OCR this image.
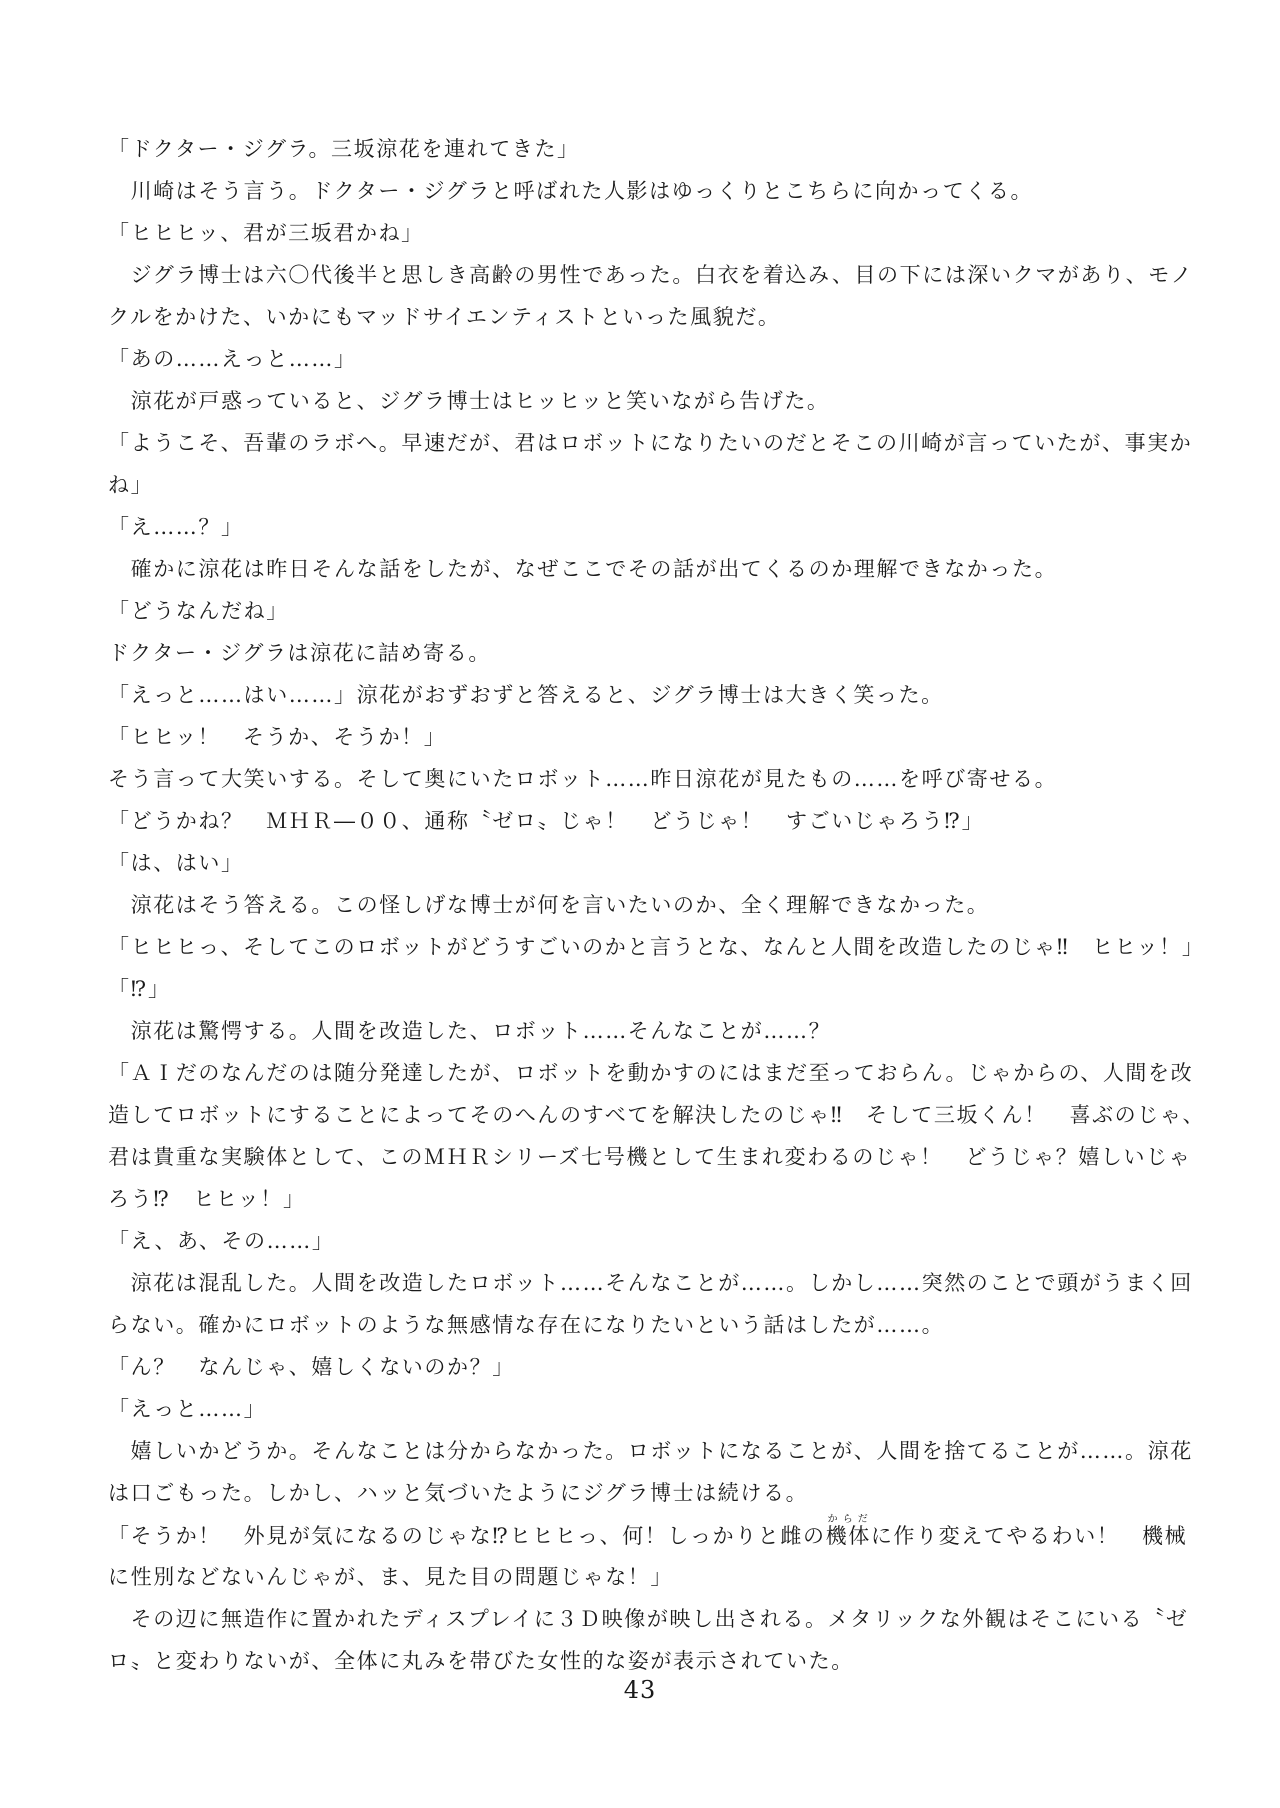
「ドクター・ジグラ。三坂涼花を連れてきた」
　川崎はそう言う。ドクター・ジグラと呼ばれた人影はゆっくりとこちらに向かってくる。
「ヒヒヒッ、君が三坂君かね」
　ジグラ博士は六〇代後半と思しき高齢の男性であった。白衣を着込み、目の下には深いクマがあり、モノ
クルをかけた、いかにもマッドサイエンティストといった風貌だ。
「あの……えっと……」
　涼花が戸惑っていると、ジグラ博士はヒッヒッと笑いながら告げた。
「ようこそ、吾輩のラボへ。早速だが、君はロボットになりたいのだとそこの川崎が言っていたが、事実か
ね」
「え……？」
　確かに涼花は昨日そんな話をしたが、なぜここでその話が出てくるのか理解できなかった。
「どうなんだね」
ドクター・ジグラは涼花に詰め寄る。
「えっと……はい……」涼花がおずおずと答えると、ジグラ博士は大きく笑った。
「ヒヒッ！　そうか、そうか！」
そう言って大笑いする。そして奥にいたロボット……昨日涼花が見たもの……を呼び寄せる。
「どうかね？　ＭＨＲ―００、通称〝ゼロ〟じゃ！　どうじゃ！　すごいじゃろう⁉」
「は、はい」
　涼花はそう答える。この怪しげな博士が何を言いたいのか、全く理解できなかった。
「ヒヒヒっ、そしてこのロボットがどうすごいのかと言うとな、なんと人間を改造したのじゃ‼　ヒヒッ！」
「⁉」
　涼花は驚愕する。人間を改造した、ロボット……そんなことが……？
「ＡＩだのなんだのは随分発達したが、ロボットを動かすのにはまだ至っておらん。じゃからの、人間を改
造してロボットにすることによってそのへんのすべてを解決したのじゃ‼　そして三坂くん！　喜ぶのじゃ、
君は貴重な実験体として、このＭＨＲシリーズ七号機として生まれ変わるのじゃ！　どうじゃ？嬉しいじゃ
ろう⁉　ヒヒッ！」
「え、あ、その……」
　涼花は混乱した。人間を改造したロボット……そんなことが……。しかし……突然のことで頭がうまく回
らない。確かにロボットのような無感情な存在になりたいという話はしたが……。
「ん？　なんじゃ、嬉しくないのか？」
「えっと……」
　嬉しいかどうか。そんなことは分からなかった。ロボットになることが、人間を捨てることが……。涼花
は口ごもった。しかし、ハッと気づいたようにジグラ博士は続ける。
「そうか！　外見が気になるのじゃな⁉ヒヒヒっ、何！しっかりと雌の機体からだに作り変えてやるわい！　機械
に性別などないんじゃが、ま、見た目の問題じゃな！」
　その辺に無造作に置かれたディスプレイに３Ｄ映像が映し出される。メタリックな外観はそこにいる〝ゼ
ロ〟と変わりないが、全体に丸みを帯びた女性的な姿が表示されていた。
43
